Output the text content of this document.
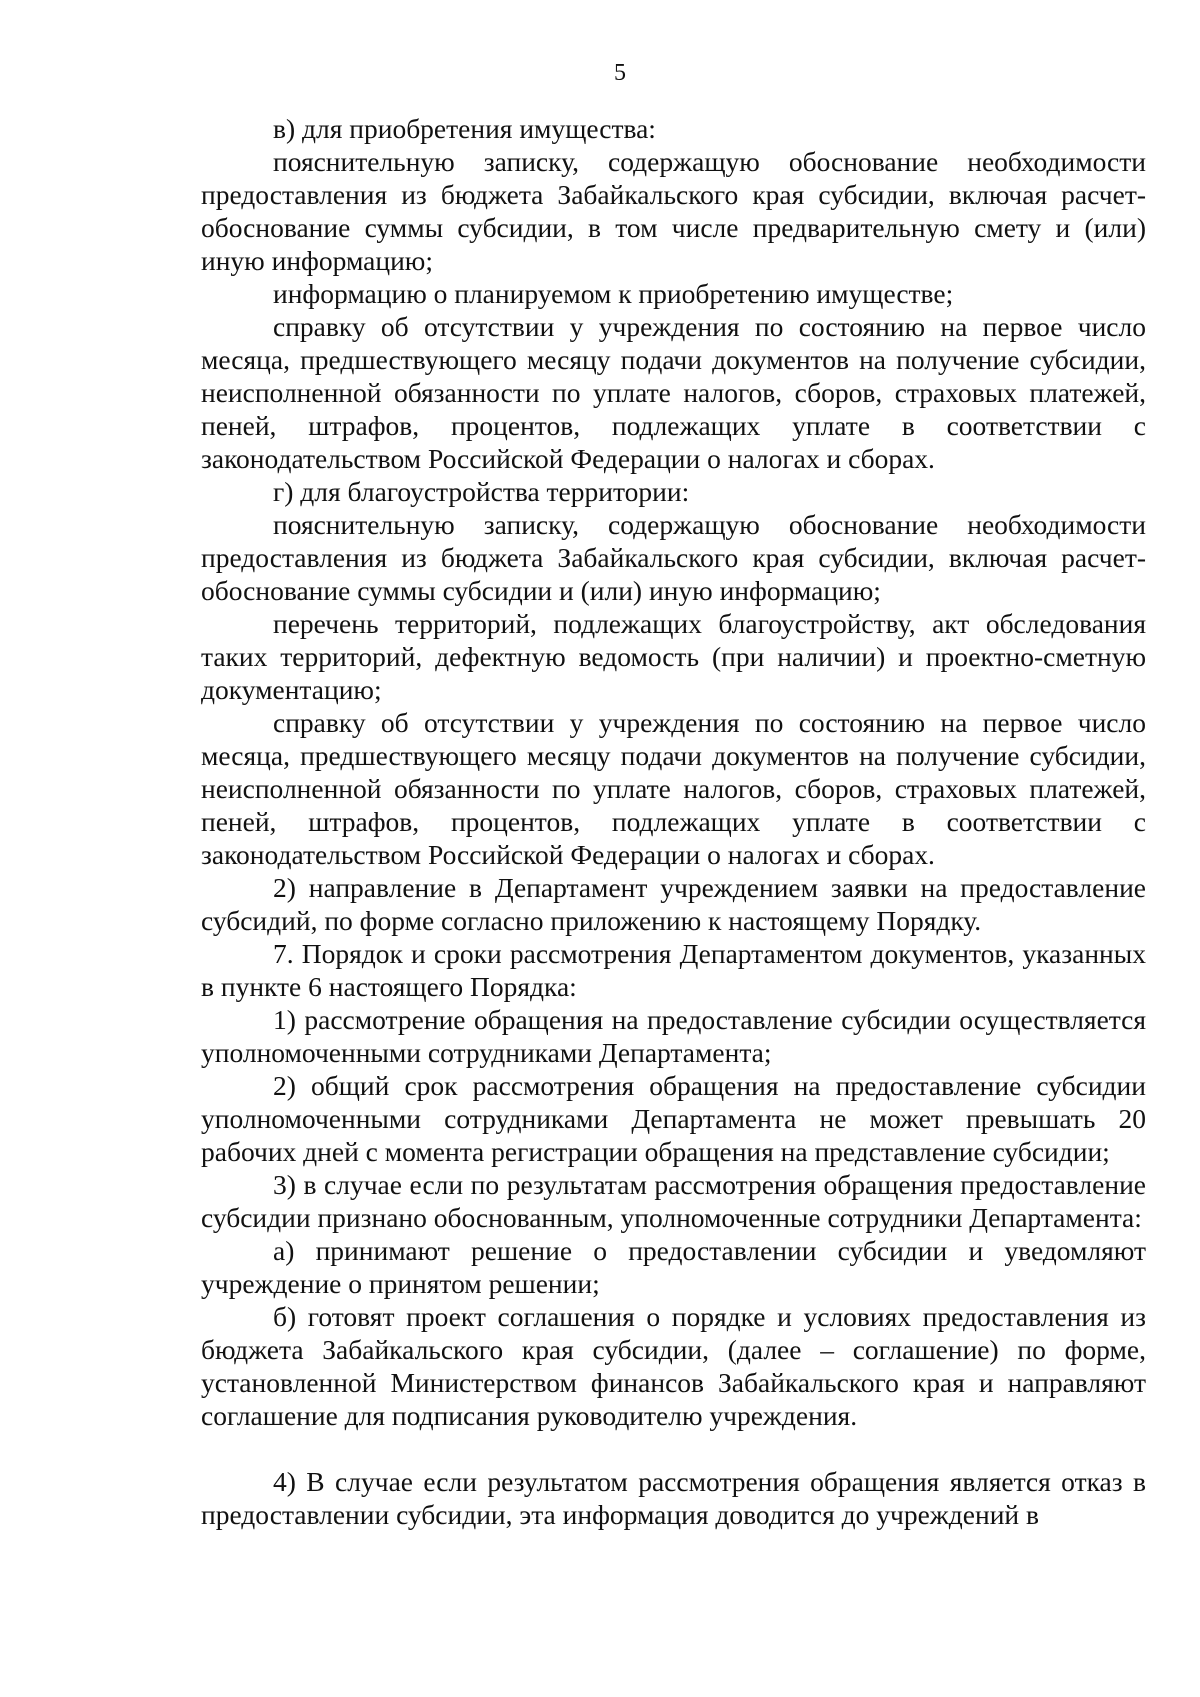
5

в) для приобретения имущества:

пояснительную записку, содержащую обоснование необходимости предоставления из бюджета Забайкальского края субсидии, включая расчет-обоснование суммы субсидии, в том числе предварительную смету и (или) иную информацию;

информацию о планируемом к приобретению имуществе;

справку об отсутствии у учреждения по состоянию на первое число месяца, предшествующего месяцу подачи документов на получение субсидии, неисполненной обязанности по уплате налогов, сборов, страховых платежей, пеней, штрафов, процентов, подлежащих уплате в соответствии с законодательством Российской Федерации о налогах и сборах.

г) для благоустройства территории:

пояснительную записку, содержащую обоснование необходимости предоставления из бюджета Забайкальского края субсидии, включая расчет-обоснование суммы субсидии и (или) иную информацию;

перечень территорий, подлежащих благоустройству, акт обследования таких территорий, дефектную ведомость (при наличии) и проектно-сметную документацию;

справку об отсутствии у учреждения по состоянию на первое число месяца, предшествующего месяцу подачи документов на получение субсидии, неисполненной обязанности по уплате налогов, сборов, страховых платежей, пеней, штрафов, процентов, подлежащих уплате в соответствии с законодательством Российской Федерации о налогах и сборах.

2) направление в Департамент учреждением заявки на предоставление субсидий, по форме согласно приложению к настоящему Порядку.

7. Порядок и сроки рассмотрения Департаментом документов, указанных в пункте 6 настоящего Порядка:

1) рассмотрение обращения на предоставление субсидии осуществляется уполномоченными сотрудниками Департамента;

2) общий срок рассмотрения обращения на предоставление субсидии уполномоченными сотрудниками Департамента не может превышать 20 рабочих дней с момента регистрации обращения на представление субсидии;

3) в случае если по результатам рассмотрения обращения предоставление субсидии признано обоснованным, уполномоченные сотрудники Департамента:

а) принимают решение о предоставлении субсидии и уведомляют учреждение о принятом решении;

б) готовят проект соглашения о порядке и условиях предоставления из бюджета Забайкальского края субсидии, (далее – соглашение) по форме, установленной Министерством финансов Забайкальского края и направляют соглашение для подписания руководителю учреждения.

4) В случае если результатом рассмотрения обращения является отказ в предоставлении субсидии, эта информация доводится до учреждений в
